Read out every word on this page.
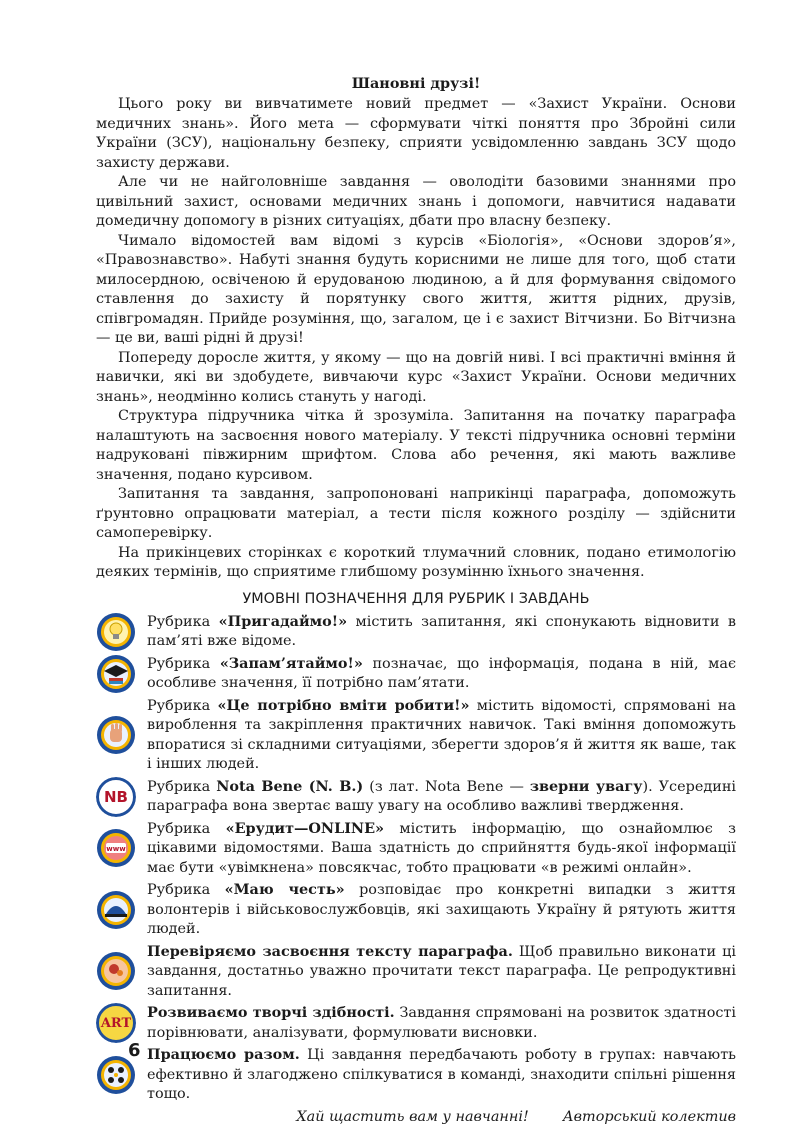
Шановні друзі!

Цього року ви вивчатимете новий предмет — «Захист України. Основи медичних знань». Його мета — сформувати чіткі поняття про Збройні сили України (ЗСУ), національну безпеку, сприяти усвідомленню завдань ЗСУ щодо захисту держави.

Але чи не найголовніше завдання — оволодіти базовими знаннями про цивільний захист, основами медичних знань і допомоги, навчитися надавати домедичну допомогу в різних ситуаціях, дбати про власну безпеку.

Чимало відомостей вам відомі з курсів «Біологія», «Основи здоров’я», «Правознавство». Набуті знання будуть корисними не лише для того, щоб стати милосердною, освіченою й ерудованою людиною, а й для формування свідомого ставлення до захисту й порятунку свого життя, життя рідних, друзів, співгромадян. Прийде розуміння, що, загалом, це і є захист Вітчизни. Бо Вітчизна — це ви, ваші рідні й друзі!

Попереду доросле життя, у якому — що на довгій ниві. І всі практичні вміння й навички, які ви здобудете, вивчаючи курс «Захист України. Основи медичних знань», неодмінно колись стануть у нагоді.

Структура підручника чітка й зрозуміла. Запитання на початку параграфа налаштують на засвоєння нового матеріалу. У тексті підручника основні терміни надруковані півжирним шрифтом. Слова або речення, які мають важливе значення, подано курсивом.

Запитання та завдання, запропоновані наприкінці параграфа, допоможуть ґрунтовно опрацювати матеріал, а тести після кожного розділу — здійснити самоперевірку.

На прикінцевих сторінках є короткий тлумачний словник, подано етимологію деяких термінів, що сприятиме глибшому розумінню їхнього значення.

УМОВНІ ПОЗНАЧЕННЯ ДЛЯ РУБРИК І ЗАВДАНЬ
Рубрика «Пригадаймо!» містить запитання, які спонукають відновити в пам’яті вже відоме.
Рубрика «Запам’ятаймо!» позначає, що інформація, подана в ній, має особливе значення, її потрібно пам’ятати.
Рубрика «Це потрібно вміти робити!» містить відомості, спрямовані на вироблення та закріплення практичних навичок. Такі вміння допоможуть впоратися зі складними ситуаціями, зберегти здоров’я й життя як ваше, так і інших людей.
NB
Рубрика Nota Bene (N. B.) (з лат. Nota Bene — зверни увагу). Усередині параграфа вона звертає вашу увагу на особливо важливі твердження.
www
Рубрика «Ерудит—ONLINE» містить інформацію, що ознайомлює з цікавими відомостями. Ваша здатність до сприйняття будь-якої інформації має бути «увімкнена» повсякчас, тобто працювати «в режимі онлайн».
Рубрика «Маю честь» розповідає про конкретні випадки з життя волонтерів і військовослужбовців, які захищають Україну й рятують життя людей.
Перевіряємо засвоєння тексту параграфа. Щоб правильно виконати ці завдання, достатньо уважно прочитати текст параграфа. Це репродуктивні запитання.
ART
Розвиваємо творчі здібності. Завдання спрямовані на розвиток здатності порівнювати, аналізувати, формулювати висновки.
Працюємо разом. Ці завдання передбачають роботу в групах: навчають ефективно й злагоджено спілкуватися в команді, знаходити спільні рішення тощо.
Хай щастить вам у навчанні! Авторський колектив
6
